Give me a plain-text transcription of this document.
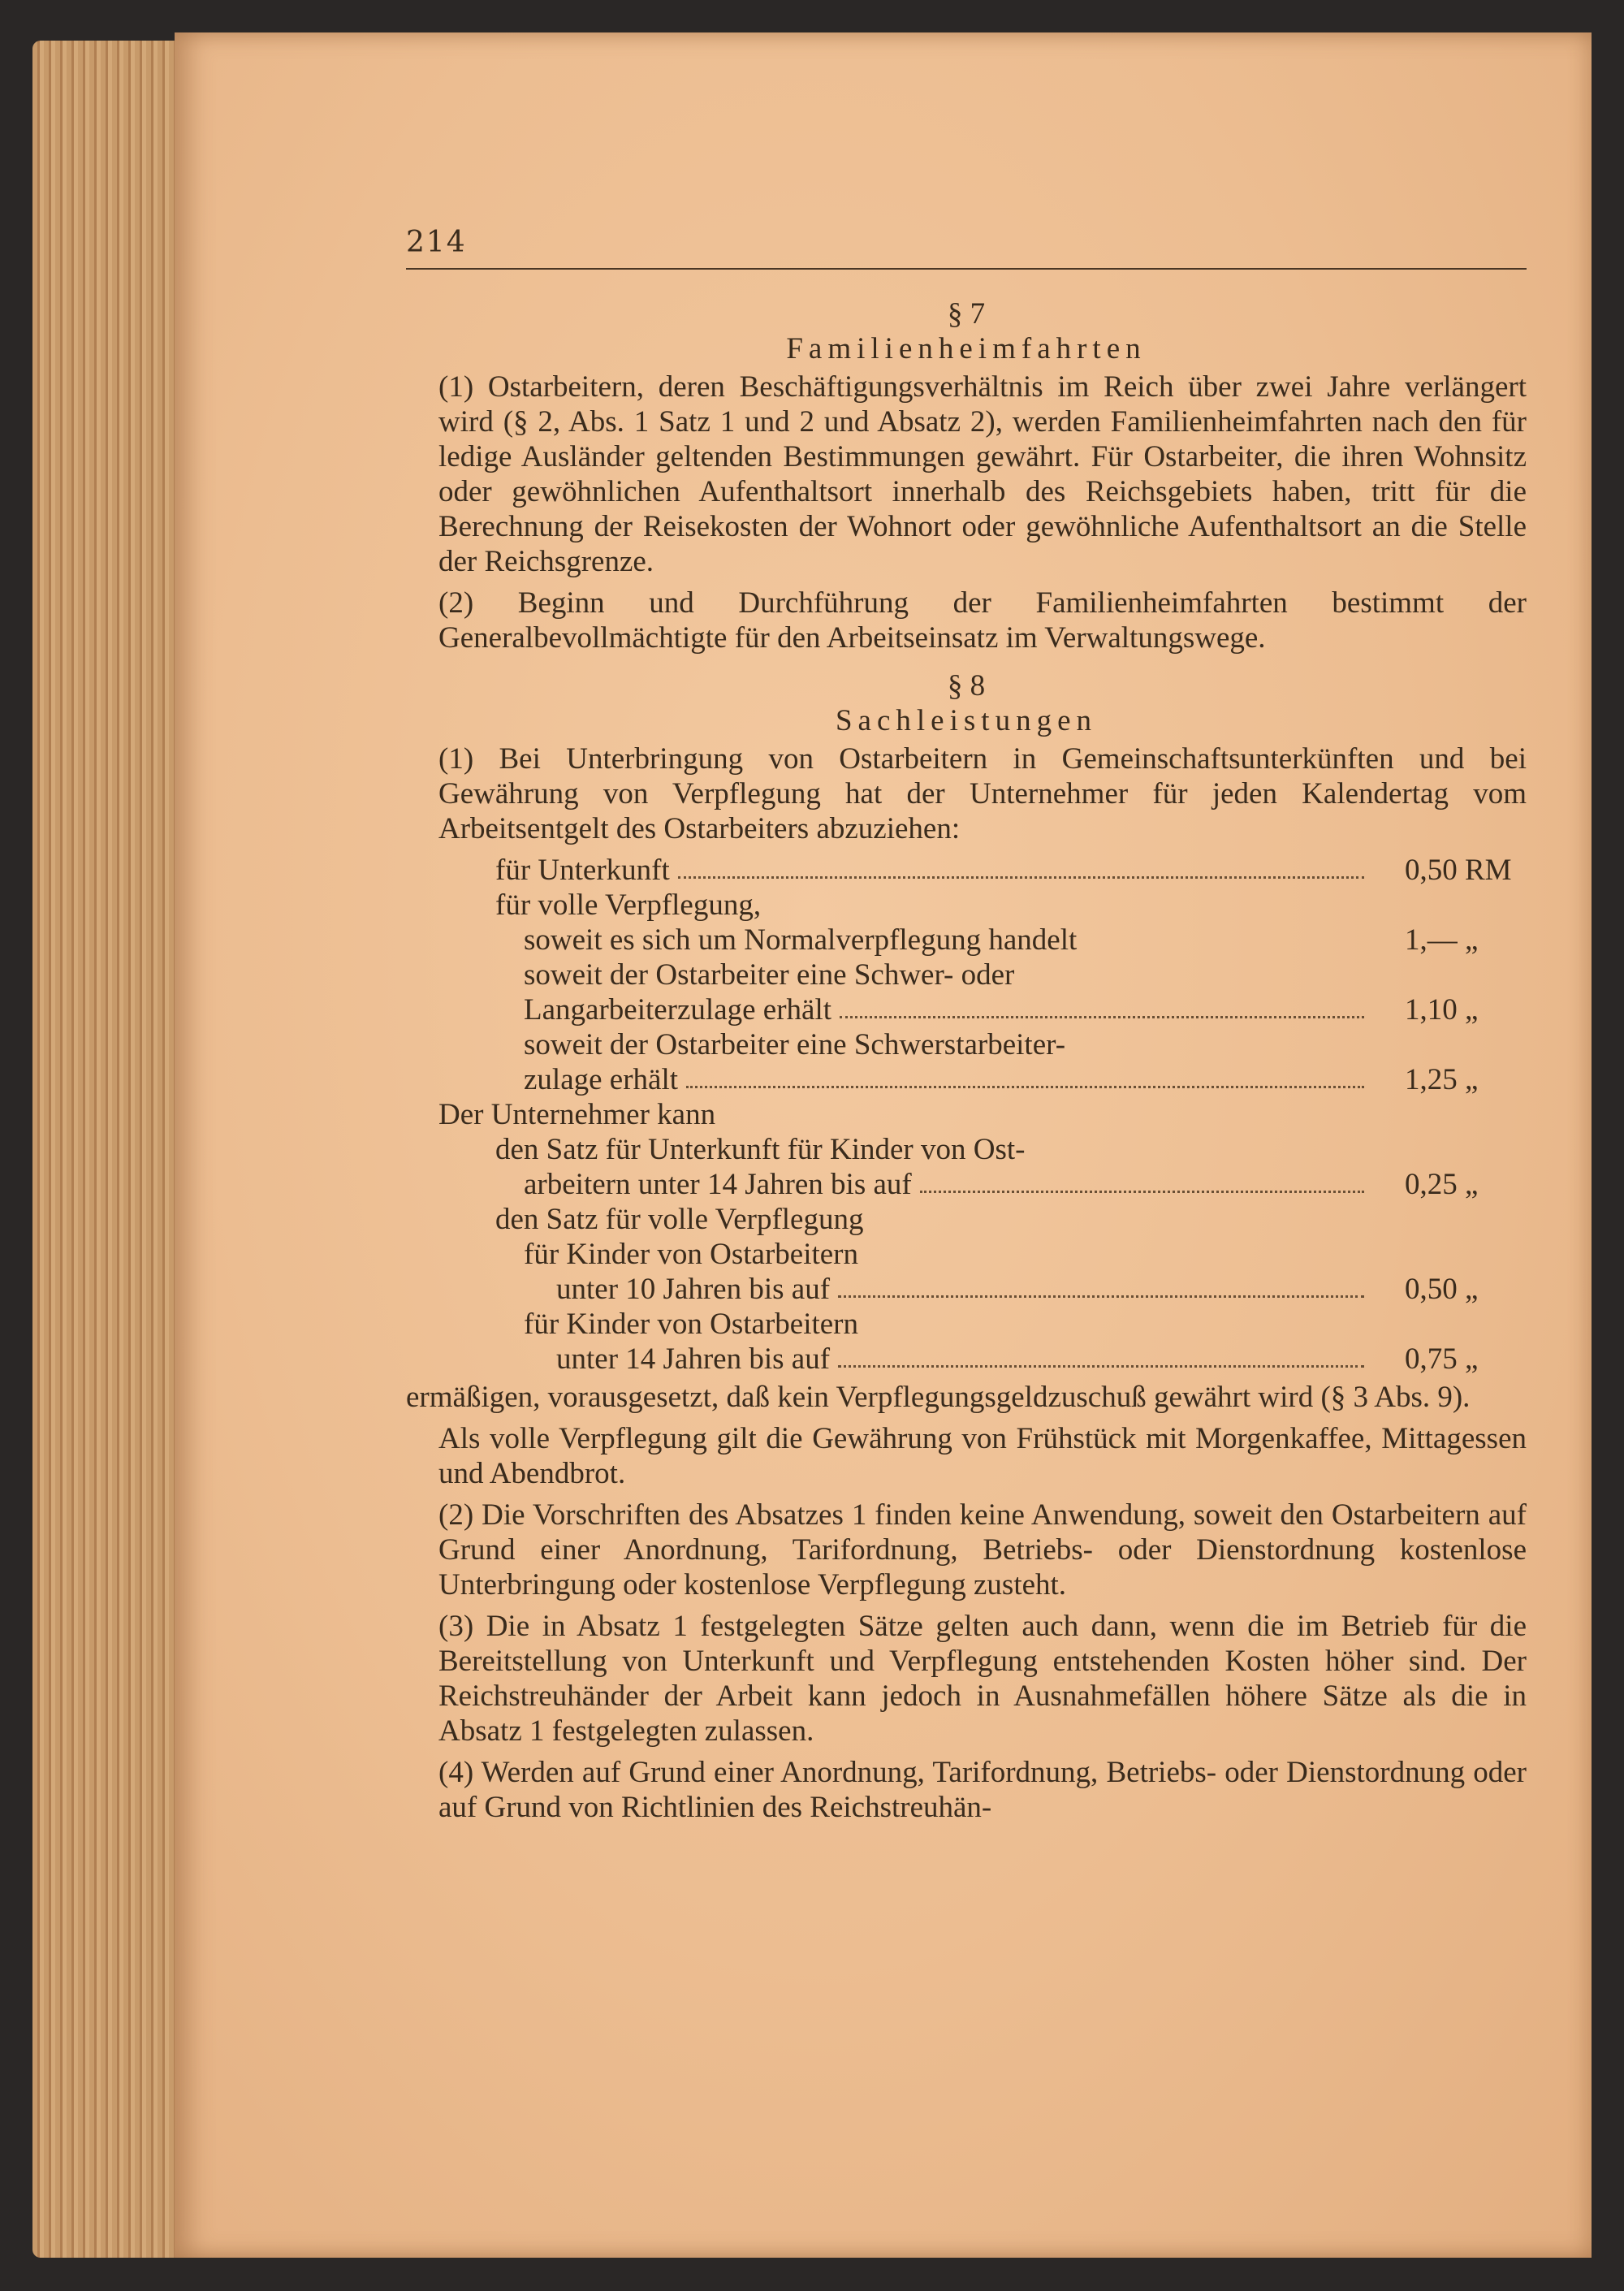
214

§ 7

Familienheimfahrten

(1) Ostarbeitern, deren Beschäftigungsverhältnis im Reich über zwei Jahre verlängert wird (§ 2, Abs. 1 Satz 1 und 2 und Absatz 2), werden Familienheimfahrten nach den für ledige Ausländer geltenden Bestimmungen gewährt. Für Ostarbeiter, die ihren Wohnsitz oder gewöhnlichen Aufenthaltsort innerhalb des Reichsgebiets haben, tritt für die Berechnung der Reisekosten der Wohnort oder gewöhnliche Aufenthaltsort an die Stelle der Reichsgrenze.

(2) Beginn und Durchführung der Familienheimfahrten bestimmt der Generalbevollmächtigte für den Arbeitseinsatz im Verwaltungswege.

§ 8

Sachleistungen

(1) Bei Unterbringung von Ostarbeitern in Gemeinschaftsunterkünften und bei Gewährung von Verpflegung hat der Unternehmer für jeden Kalendertag vom Arbeitsentgelt des Ostarbeiters abzuziehen:

für Unterkunft	0,50 RM

für volle Verpflegung,	

soweit es sich um Normalverpflegung handelt	1,— „

soweit der Ostarbeiter eine Schwer- oder	

Langarbeiterzulage erhält	1,10 „

soweit der Ostarbeiter eine Schwerstarbeiter-	

zulage erhält	1,25 „

Der Unternehmer kann	

den Satz für Unterkunft für Kinder von Ost-	

arbeitern unter 14 Jahren bis auf	0,25 „

den Satz für volle Verpflegung	

für Kinder von Ostarbeitern	

unter 10 Jahren bis auf	0,50 „

für Kinder von Ostarbeitern	

unter 14 Jahren bis auf	0,75 „

ermäßigen, vorausgesetzt, daß kein Verpflegungsgeldzuschuß gewährt wird (§ 3 Abs. 9).

Als volle Verpflegung gilt die Gewährung von Frühstück mit Morgenkaffee, Mittagessen und Abendbrot.

(2) Die Vorschriften des Absatzes 1 finden keine Anwendung, soweit den Ostarbeitern auf Grund einer Anordnung, Tarifordnung, Betriebs- oder Dienstordnung kostenlose Unterbringung oder kostenlose Verpflegung zusteht.

(3) Die in Absatz 1 festgelegten Sätze gelten auch dann, wenn die im Betrieb für die Bereitstellung von Unterkunft und Verpflegung entstehenden Kosten höher sind. Der Reichstreuhänder der Arbeit kann jedoch in Ausnahmefällen höhere Sätze als die in Absatz 1 festgelegten zulassen.

(4) Werden auf Grund einer Anordnung, Tarifordnung, Betriebs- oder Dienstordnung oder auf Grund von Richtlinien des Reichstreuhän-
